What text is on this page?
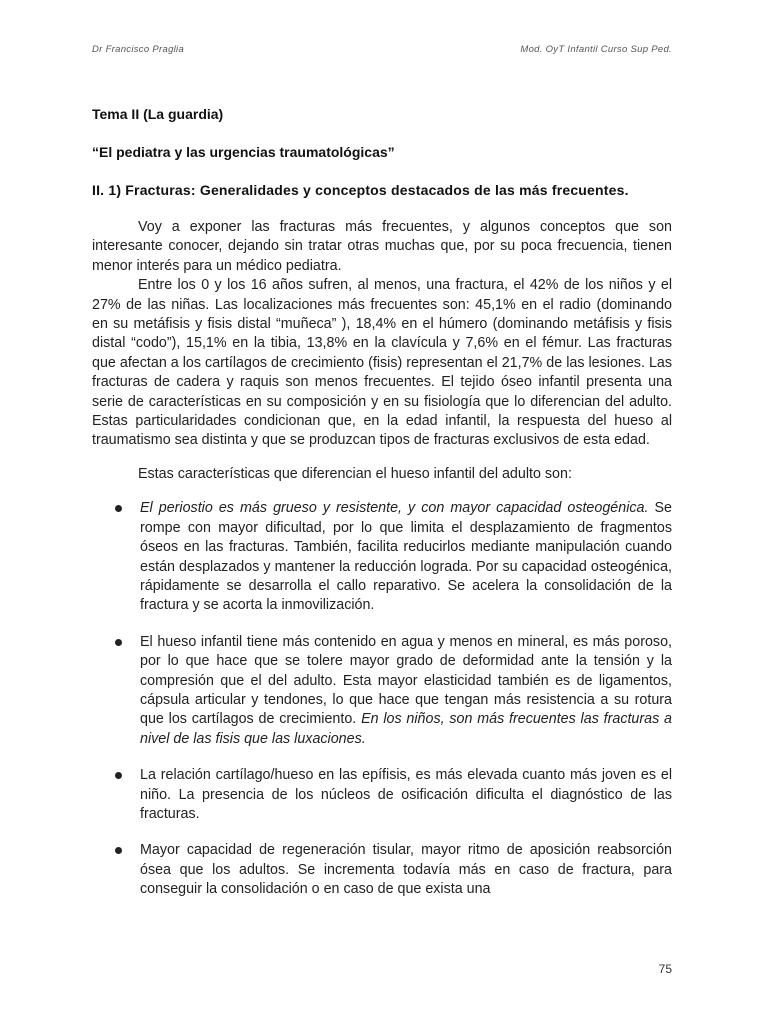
Dr Francisco Praglia	Mod. OyT Infantil Curso Sup Ped.

Tema II (La guardia)

“El pediatra y las urgencias traumatológicas”

II. 1) Fracturas: Generalidades y conceptos destacados de las más frecuentes.

Voy a exponer las fracturas más frecuentes, y algunos conceptos que son interesante conocer, dejando sin tratar otras muchas que, por su poca frecuencia, tienen menor interés para un médico pediatra.

Entre los 0 y los 16 años sufren, al menos, una fractura, el 42% de los niños y el 27% de las niñas. Las localizaciones más frecuentes son: 45,1% en el radio (dominando en su metáfisis y fisis distal “muñeca” ), 18,4% en el húmero (dominando metáfisis y fisis distal “codo”), 15,1% en la tibia, 13,8% en la clavícula y 7,6% en el fémur. Las fracturas que afectan a los cartílagos de crecimiento (fisis) representan el 21,7% de las lesiones. Las fracturas de cadera y raquis son menos frecuentes. El tejido óseo infantil presenta una serie de características en su composición y en su fisiología que lo diferencian del adulto. Estas particularidades condicionan que, en la edad infantil, la respuesta del hueso al traumatismo sea distinta y que se produzcan tipos de fracturas exclusivos de esta edad.

Estas características que diferencian el hueso infantil del adulto son:

El periostio es más grueso y resistente, y con mayor capacidad osteogénica. Se rompe con mayor dificultad, por lo que limita el desplazamiento de fragmentos óseos en las fracturas. También, facilita reducirlos mediante manipulación cuando están desplazados y mantener la reducción lograda. Por su capacidad osteogénica, rápidamente se desarrolla el callo reparativo. Se acelera la consolidación de la fractura y se acorta la inmovilización.
El hueso infantil tiene más contenido en agua y menos en mineral, es más poroso, por lo que hace que se tolere mayor grado de deformidad ante la tensión y la compresión que el del adulto. Esta mayor elasticidad también es de ligamentos, cápsula articular y tendones, lo que hace que tengan más resistencia a su rotura que los cartílagos de crecimiento. En los niños, son más frecuentes las fracturas a nivel de las fisis que las luxaciones.
La relación cartílago/hueso en las epífisis, es más elevada cuanto más joven es el niño. La presencia de los núcleos de osificación dificulta el diagnóstico de las fracturas.
Mayor capacidad de regeneración tisular, mayor ritmo de aposición reabsorción ósea que los adultos. Se incrementa todavía más en caso de fractura, para conseguir la consolidación o en caso de que exista una
75
